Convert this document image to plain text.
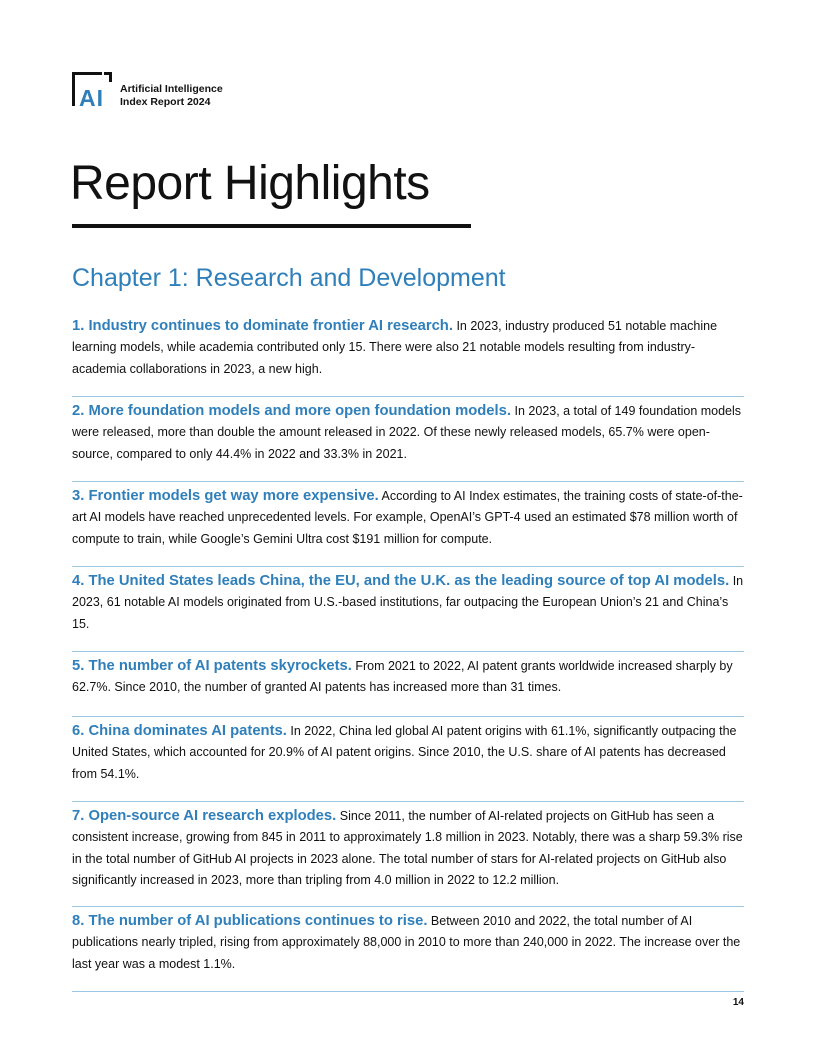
AI Artificial Intelligence
Index Report 2024
Report Highlights
Chapter 1: Research and Development
1. Industry continues to dominate frontier AI research. In 2023, industry produced 51 notable machine learning models, while academia contributed only 15. There were also 21 notable models resulting from industry-academia collaborations in 2023, a new high.
2. More foundation models and more open foundation models. In 2023, a total of 149 foundation models were released, more than double the amount released in 2022. Of these newly released models, 65.7% were open-source, compared to only 44.4% in 2022 and 33.3% in 2021.
3. Frontier models get way more expensive. According to AI Index estimates, the training costs of state-of-the-art AI models have reached unprecedented levels. For example, OpenAI’s GPT-4 used an estimated $78 million worth of compute to train, while Google’s Gemini Ultra cost $191 million for compute.
4. The United States leads China, the EU, and the U.K. as the leading source of top AI models. In 2023, 61 notable AI models originated from U.S.-based institutions, far outpacing the European Union’s 21 and China’s 15.
5. The number of AI patents skyrockets. From 2021 to 2022, AI patent grants worldwide increased sharply by 62.7%. Since 2010, the number of granted AI patents has increased more than 31 times.
6. China dominates AI patents. In 2022, China led global AI patent origins with 61.1%, significantly outpacing the United States, which accounted for 20.9% of AI patent origins. Since 2010, the U.S. share of AI patents has decreased from 54.1%.
7. Open-source AI research explodes. Since 2011, the number of AI-related projects on GitHub has seen a consistent increase, growing from 845 in 2011 to approximately 1.8 million in 2023. Notably, there was a sharp 59.3% rise in the total number of GitHub AI projects in 2023 alone. The total number of stars for AI-related projects on GitHub also significantly increased in 2023, more than tripling from 4.0 million in 2022 to 12.2 million.
8. The number of AI publications continues to rise. Between 2010 and 2022, the total number of AI publications nearly tripled, rising from approximately 88,000 in 2010 to more than 240,000 in 2022. The increase over the last year was a modest 1.1%.
14
